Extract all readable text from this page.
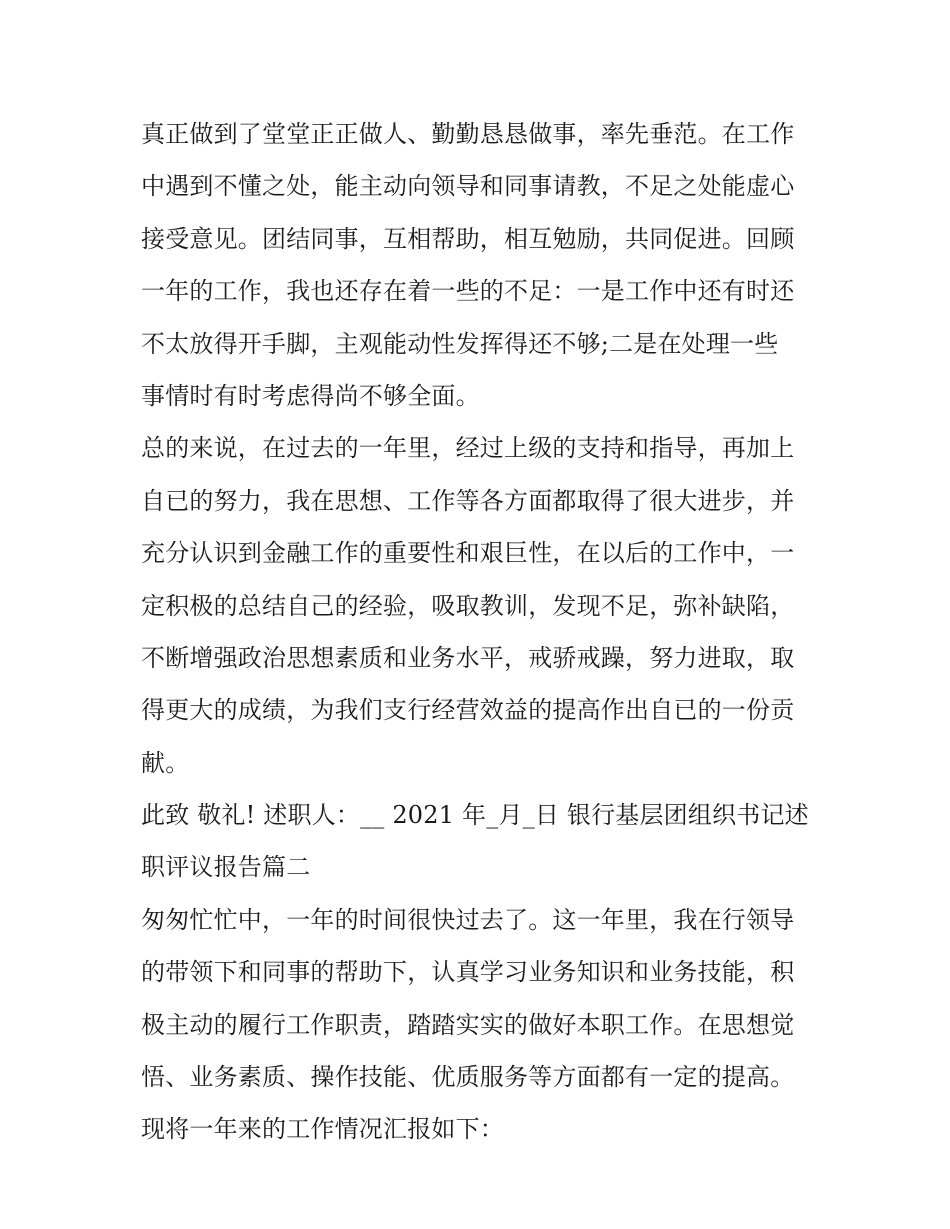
真正做到了堂堂正正做人、勤勤恳恳做事，率先垂范。在工作
中遇到不懂之处，能主动向领导和同事请教，不足之处能虚心
接受意见。团结同事，互相帮助，相互勉励，共同促进。回顾
一年的工作，我也还存在着一些的不足：一是工作中还有时还
不太放得开手脚，主观能动性发挥得还不够;二是在处理一些
事情时有时考虑得尚不够全面。
总的来说，在过去的一年里，经过上级的支持和指导，再加上
自已的努力，我在思想、工作等各方面都取得了很大进步，并
充分认识到金融工作的重要性和艰巨性，在以后的工作中，一
定积极的总结自己的经验，吸取教训，发现不足，弥补缺陷，
不断增强政治思想素质和业务水平，戒骄戒躁，努力进取，取
得更大的成绩，为我们支行经营效益的提高作出自已的一份贡
献。
此致 敬礼! 述职人：__ 2021 年_月_日 银行基层团组织书记述
职评议报告篇二
匆匆忙忙中，一年的时间很快过去了。这一年里，我在行领导
的带领下和同事的帮助下，认真学习业务知识和业务技能，积
极主动的履行工作职责，踏踏实实的做好本职工作。在思想觉
悟、业务素质、操作技能、优质服务等方面都有一定的提高。
现将一年来的工作情况汇报如下：
